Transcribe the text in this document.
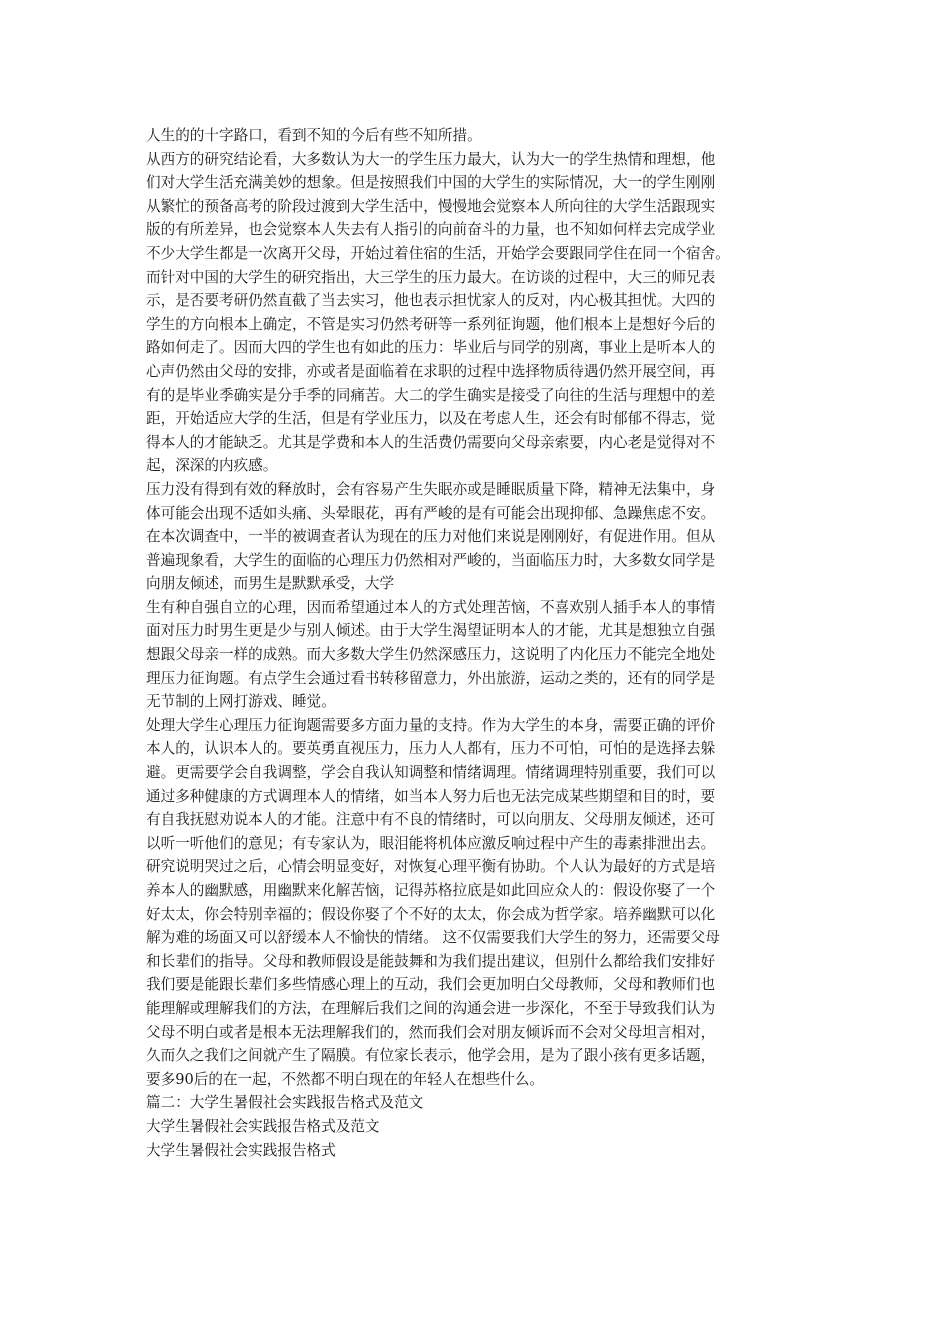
人生的的十字路口，看到不知的今后有些不知所措。
从西方的研究结论看，大多数认为大一的学生压力最大，认为大一的学生热情和理想，他
们对大学生活充满美妙的想象。但是按照我们中国的大学生的实际情况，大一的学生刚刚
从繁忙的预备高考的阶段过渡到大学生活中，慢慢地会觉察本人所向往的大学生活跟现实
版的有所差异，也会觉察本人失去有人指引的向前奋斗的力量，也不知如何样去完成学业
不少大学生都是一次离开父母，开始过着住宿的生活，开始学会要跟同学住在同一个宿舍。
而针对中国的大学生的研究指出，大三学生的压力最大。在访谈的过程中，大三的师兄表
示，是否要考研仍然直截了当去实习，他也表示担忧家人的反对，内心极其担忧。大四的
学生的方向根本上确定，不管是实习仍然考研等一系列征询题，他们根本上是想好今后的
路如何走了。因而大四的学生也有如此的压力：毕业后与同学的别离，事业上是听本人的
心声仍然由父母的安排，亦或者是面临着在求职的过程中选择物质待遇仍然开展空间，再
有的是毕业季确实是分手季的同痛苦。大二的学生确实是接受了向往的生活与理想中的差
距，开始适应大学的生活，但是有学业压力，以及在考虑人生，还会有时郁郁不得志，觉
得本人的才能缺乏。尤其是学费和本人的生活费仍需要向父母亲索要，内心老是觉得对不
起，深深的内疚感。
压力没有得到有效的释放时，会有容易产生失眠亦或是睡眠质量下降，精神无法集中，身
体可能会出现不适如头痛、头晕眼花，再有严峻的是有可能会出现抑郁、急躁焦虑不安。
在本次调查中，一半的被调查者认为现在的压力对他们来说是刚刚好，有促进作用。但从
普遍现象看，大学生的面临的心理压力仍然相对严峻的，当面临压力时，大多数女同学是
向朋友倾述，而男生是默默承受，大学
生有种自强自立的心理，因而希望通过本人的方式处理苦恼，不喜欢别人插手本人的事情
面对压力时男生更是少与别人倾述。由于大学生渴望证明本人的才能，尤其是想独立自强
想跟父母亲一样的成熟。而大多数大学生仍然深感压力，这说明了内化压力不能完全地处
理压力征询题。有点学生会通过看书转移留意力，外出旅游，运动之类的，还有的同学是
无节制的上网打游戏、睡觉。
处理大学生心理压力征询题需要多方面力量的支持。作为大学生的本身，需要正确的评价
本人的，认识本人的。要英勇直视压力，压力人人都有，压力不可怕，可怕的是选择去躲
避。更需要学会自我调整，学会自我认知调整和情绪调理。情绪调理特别重要，我们可以
通过多种健康的方式调理本人的情绪，如当本人努力后也无法完成某些期望和目的时，要
有自我抚慰劝说本人的才能。注意中有不良的情绪时，可以向朋友、父母朋友倾述，还可
以听一听他们的意见；有专家认为，眼泪能将机体应激反响过程中产生的毒素排泄出去。
研究说明哭过之后，心情会明显变好，对恢复心理平衡有协助。个人认为最好的方式是培
养本人的幽默感，用幽默来化解苦恼，记得苏格拉底是如此回应众人的：假设你娶了一个
好太太，你会特别幸福的；假设你娶了个不好的太太，你会成为哲学家。培养幽默可以化
解为难的场面又可以舒缓本人不愉快的情绪。 这不仅需要我们大学生的努力，还需要父母
和长辈们的指导。父母和教师假设是能鼓舞和为我们提出建议，但别什么都给我们安排好
我们要是能跟长辈们多些情感心理上的互动，我们会更加明白父母教师，父母和教师们也
能理解或理解我们的方法，在理解后我们之间的沟通会进一步深化，不至于导致我们认为
父母不明白或者是根本无法理解我们的，然而我们会对朋友倾诉而不会对父母坦言相对，
久而久之我们之间就产生了隔膜。有位家长表示，他学会用，是为了跟小孩有更多话题，
要多90后的在一起，不然都不明白现在的年轻人在想些什么。
篇二：大学生暑假社会实践报告格式及范文
大学生暑假社会实践报告格式及范文
大学生暑假社会实践报告格式
